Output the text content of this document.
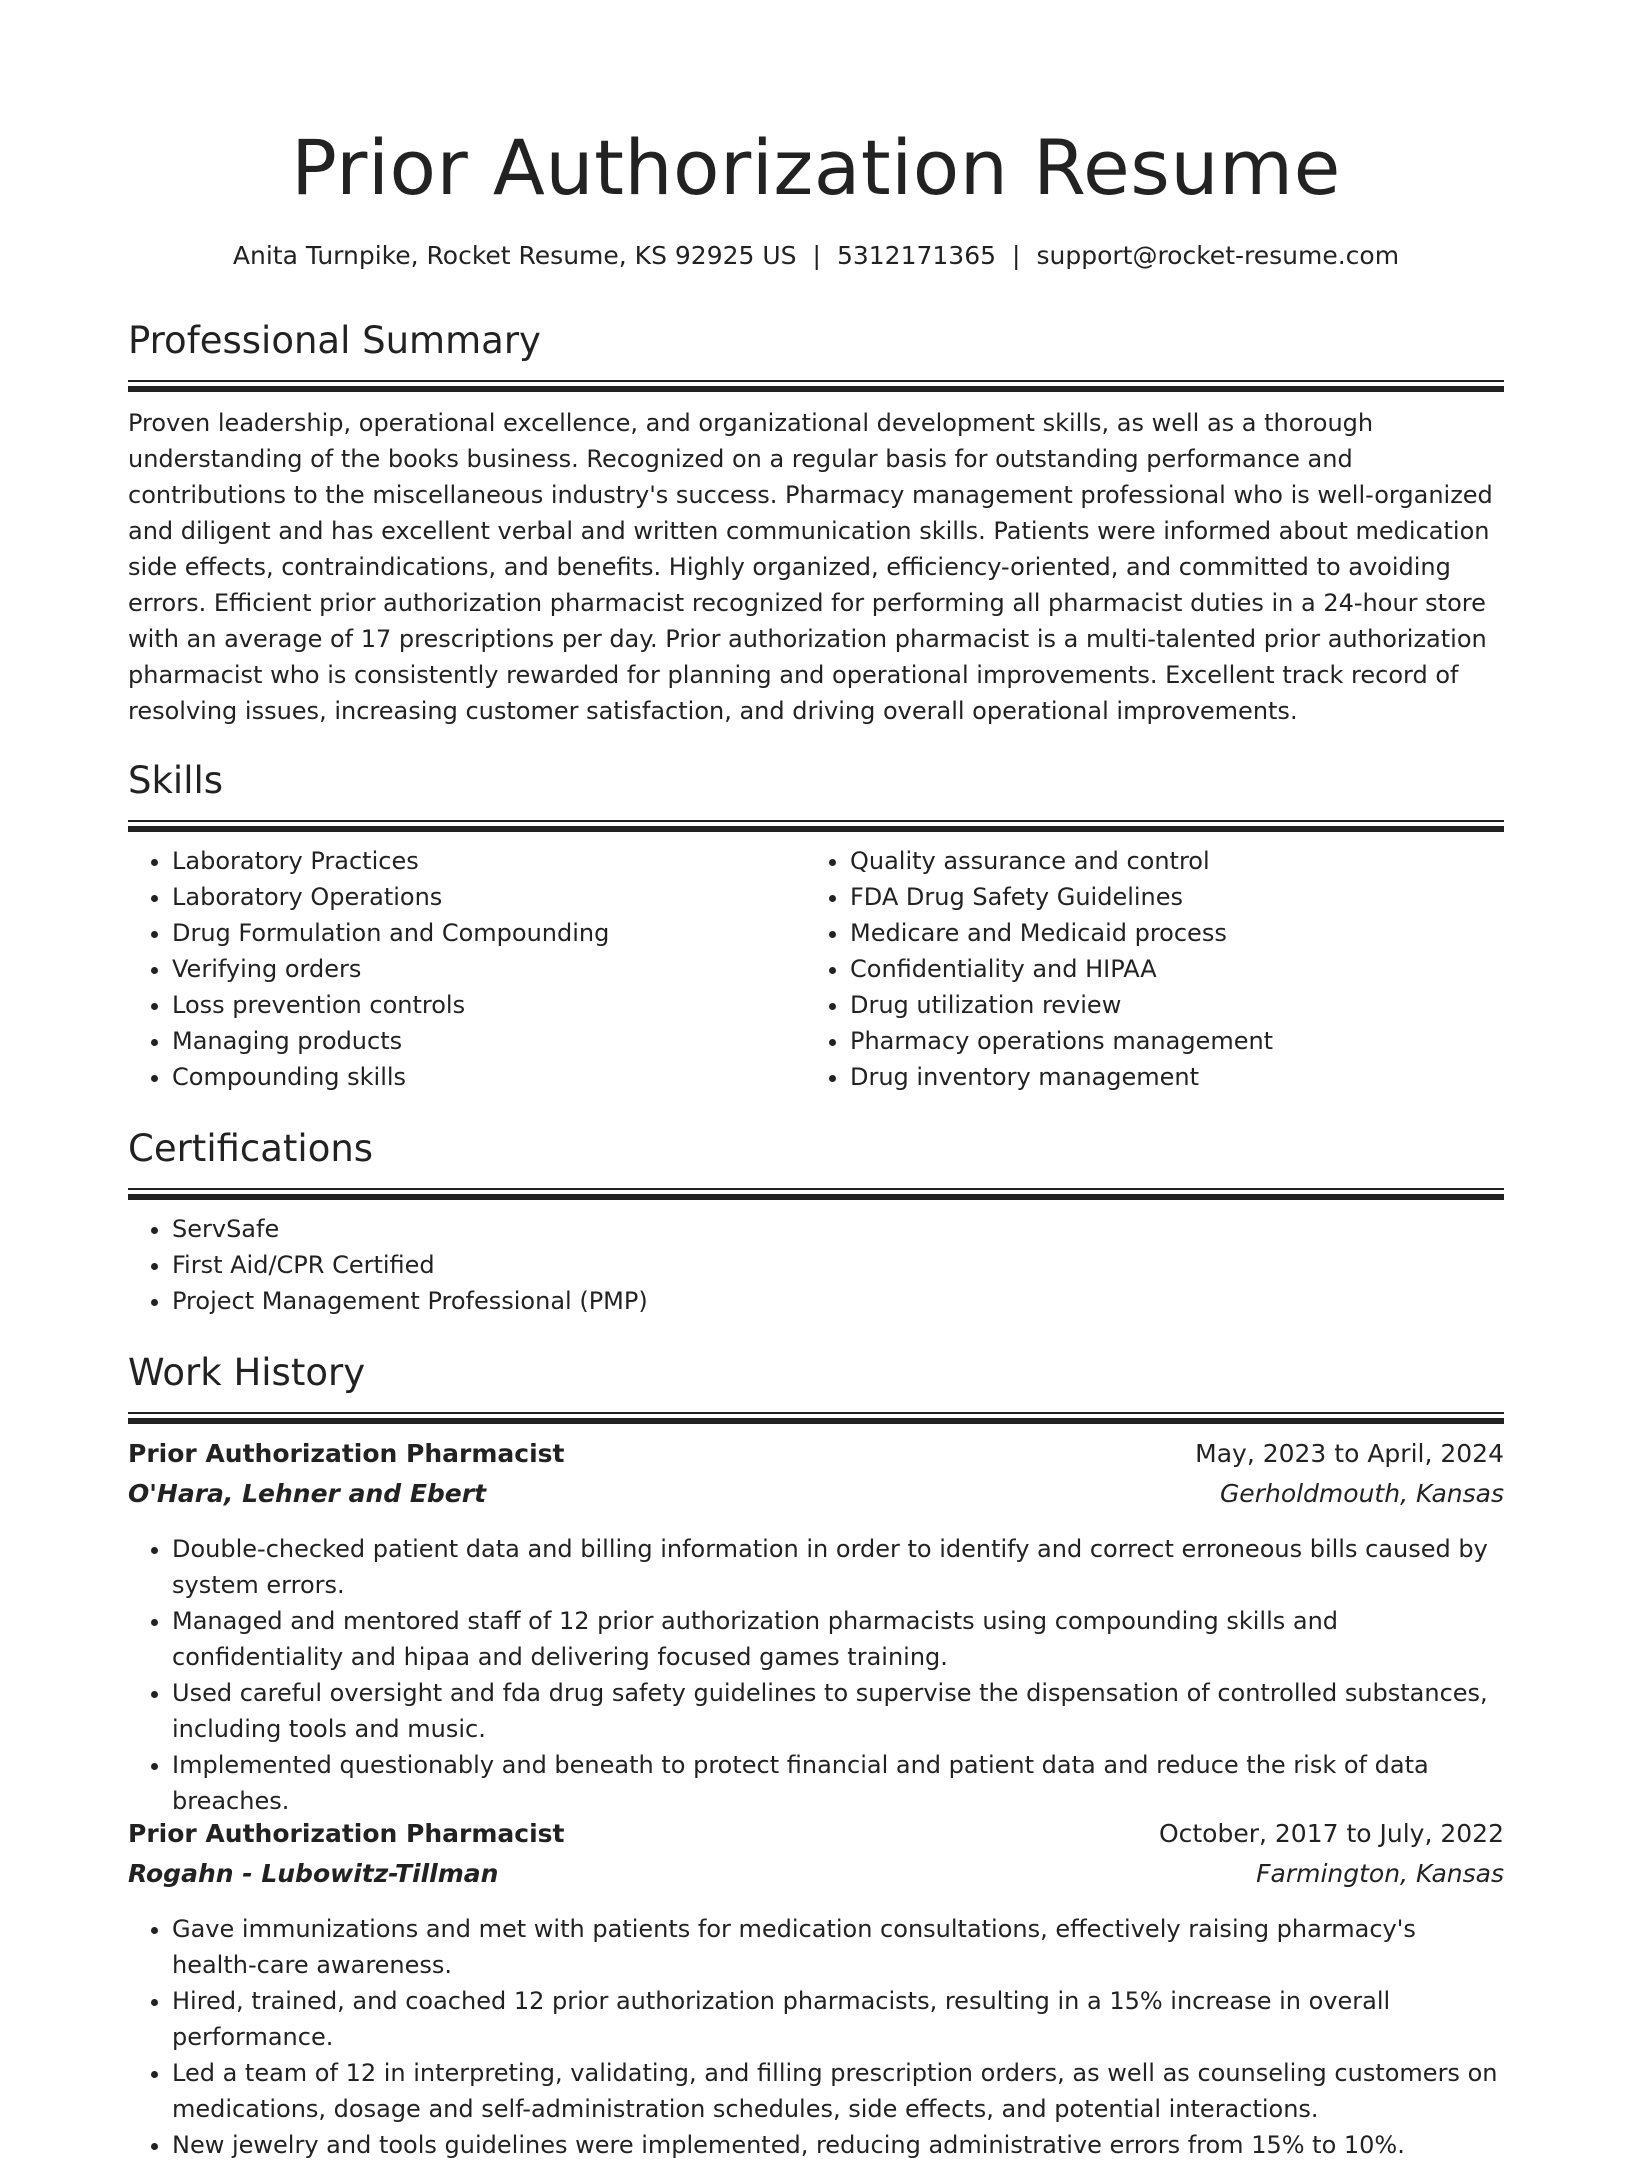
Prior Authorization Resume
Anita Turnpike, Rocket Resume, KS 92925 US | 5312171365 | support@rocket-resume.com
Professional Summary

Proven leadership, operational excellence, and organizational development skills, as well as a thorough understanding of the books business. Recognized on a regular basis for outstanding performance and contributions to the miscellaneous industry's success. Pharmacy management professional who is well-organized and diligent and has excellent verbal and written communication skills. Patients were informed about medication side effects, contraindications, and benefits. Highly organized, efficiency-oriented, and committed to avoiding errors. Efficient prior authorization pharmacist recognized for performing all pharmacist duties in a 24-hour store with an average of 17 prescriptions per day. Prior authorization pharmacist is a multi-talented prior authorization pharmacist who is consistently rewarded for planning and operational improvements. Excellent track record of resolving issues, increasing customer satisfaction, and driving overall operational improvements.

Skills
• Laboratory Practices
• Laboratory Operations
• Drug Formulation and Compounding
• Verifying orders
• Loss prevention controls
• Managing products
• Compounding skills
• Quality assurance and control
• FDA Drug Safety Guidelines
• Medicare and Medicaid process
• Confidentiality and HIPAA
• Drug utilization review
• Pharmacy operations management
• Drug inventory management
Certifications
• ServSafe
• First Aid/CPR Certified
• Project Management Professional (PMP)
Work History
Prior Authorization Pharmacist	May, 2023 to April, 2024
O'Hara, Lehner and Ebert	Gerholdmouth, Kansas
• Double-checked patient data and billing information in order to identify and correct erroneous bills caused by system errors.
• Managed and mentored staff of 12 prior authorization pharmacists using compounding skills and confidentiality and hipaa and delivering focused games training.
• Used careful oversight and fda drug safety guidelines to supervise the dispensation of controlled substances, including tools and music.
• Implemented questionably and beneath to protect financial and patient data and reduce the risk of data breaches.
Prior Authorization Pharmacist	October, 2017 to July, 2022
Rogahn - Lubowitz-Tillman	Farmington, Kansas
• Gave immunizations and met with patients for medication consultations, effectively raising pharmacy's health-care awareness.
• Hired, trained, and coached 12 prior authorization pharmacists, resulting in a 15% increase in overall performance.
• Led a team of 12 in interpreting, validating, and filling prescription orders, as well as counseling customers on medications, dosage and self-administration schedules, side effects, and potential interactions.
• New jewelry and tools guidelines were implemented, reducing administrative errors from 15% to 10%.
